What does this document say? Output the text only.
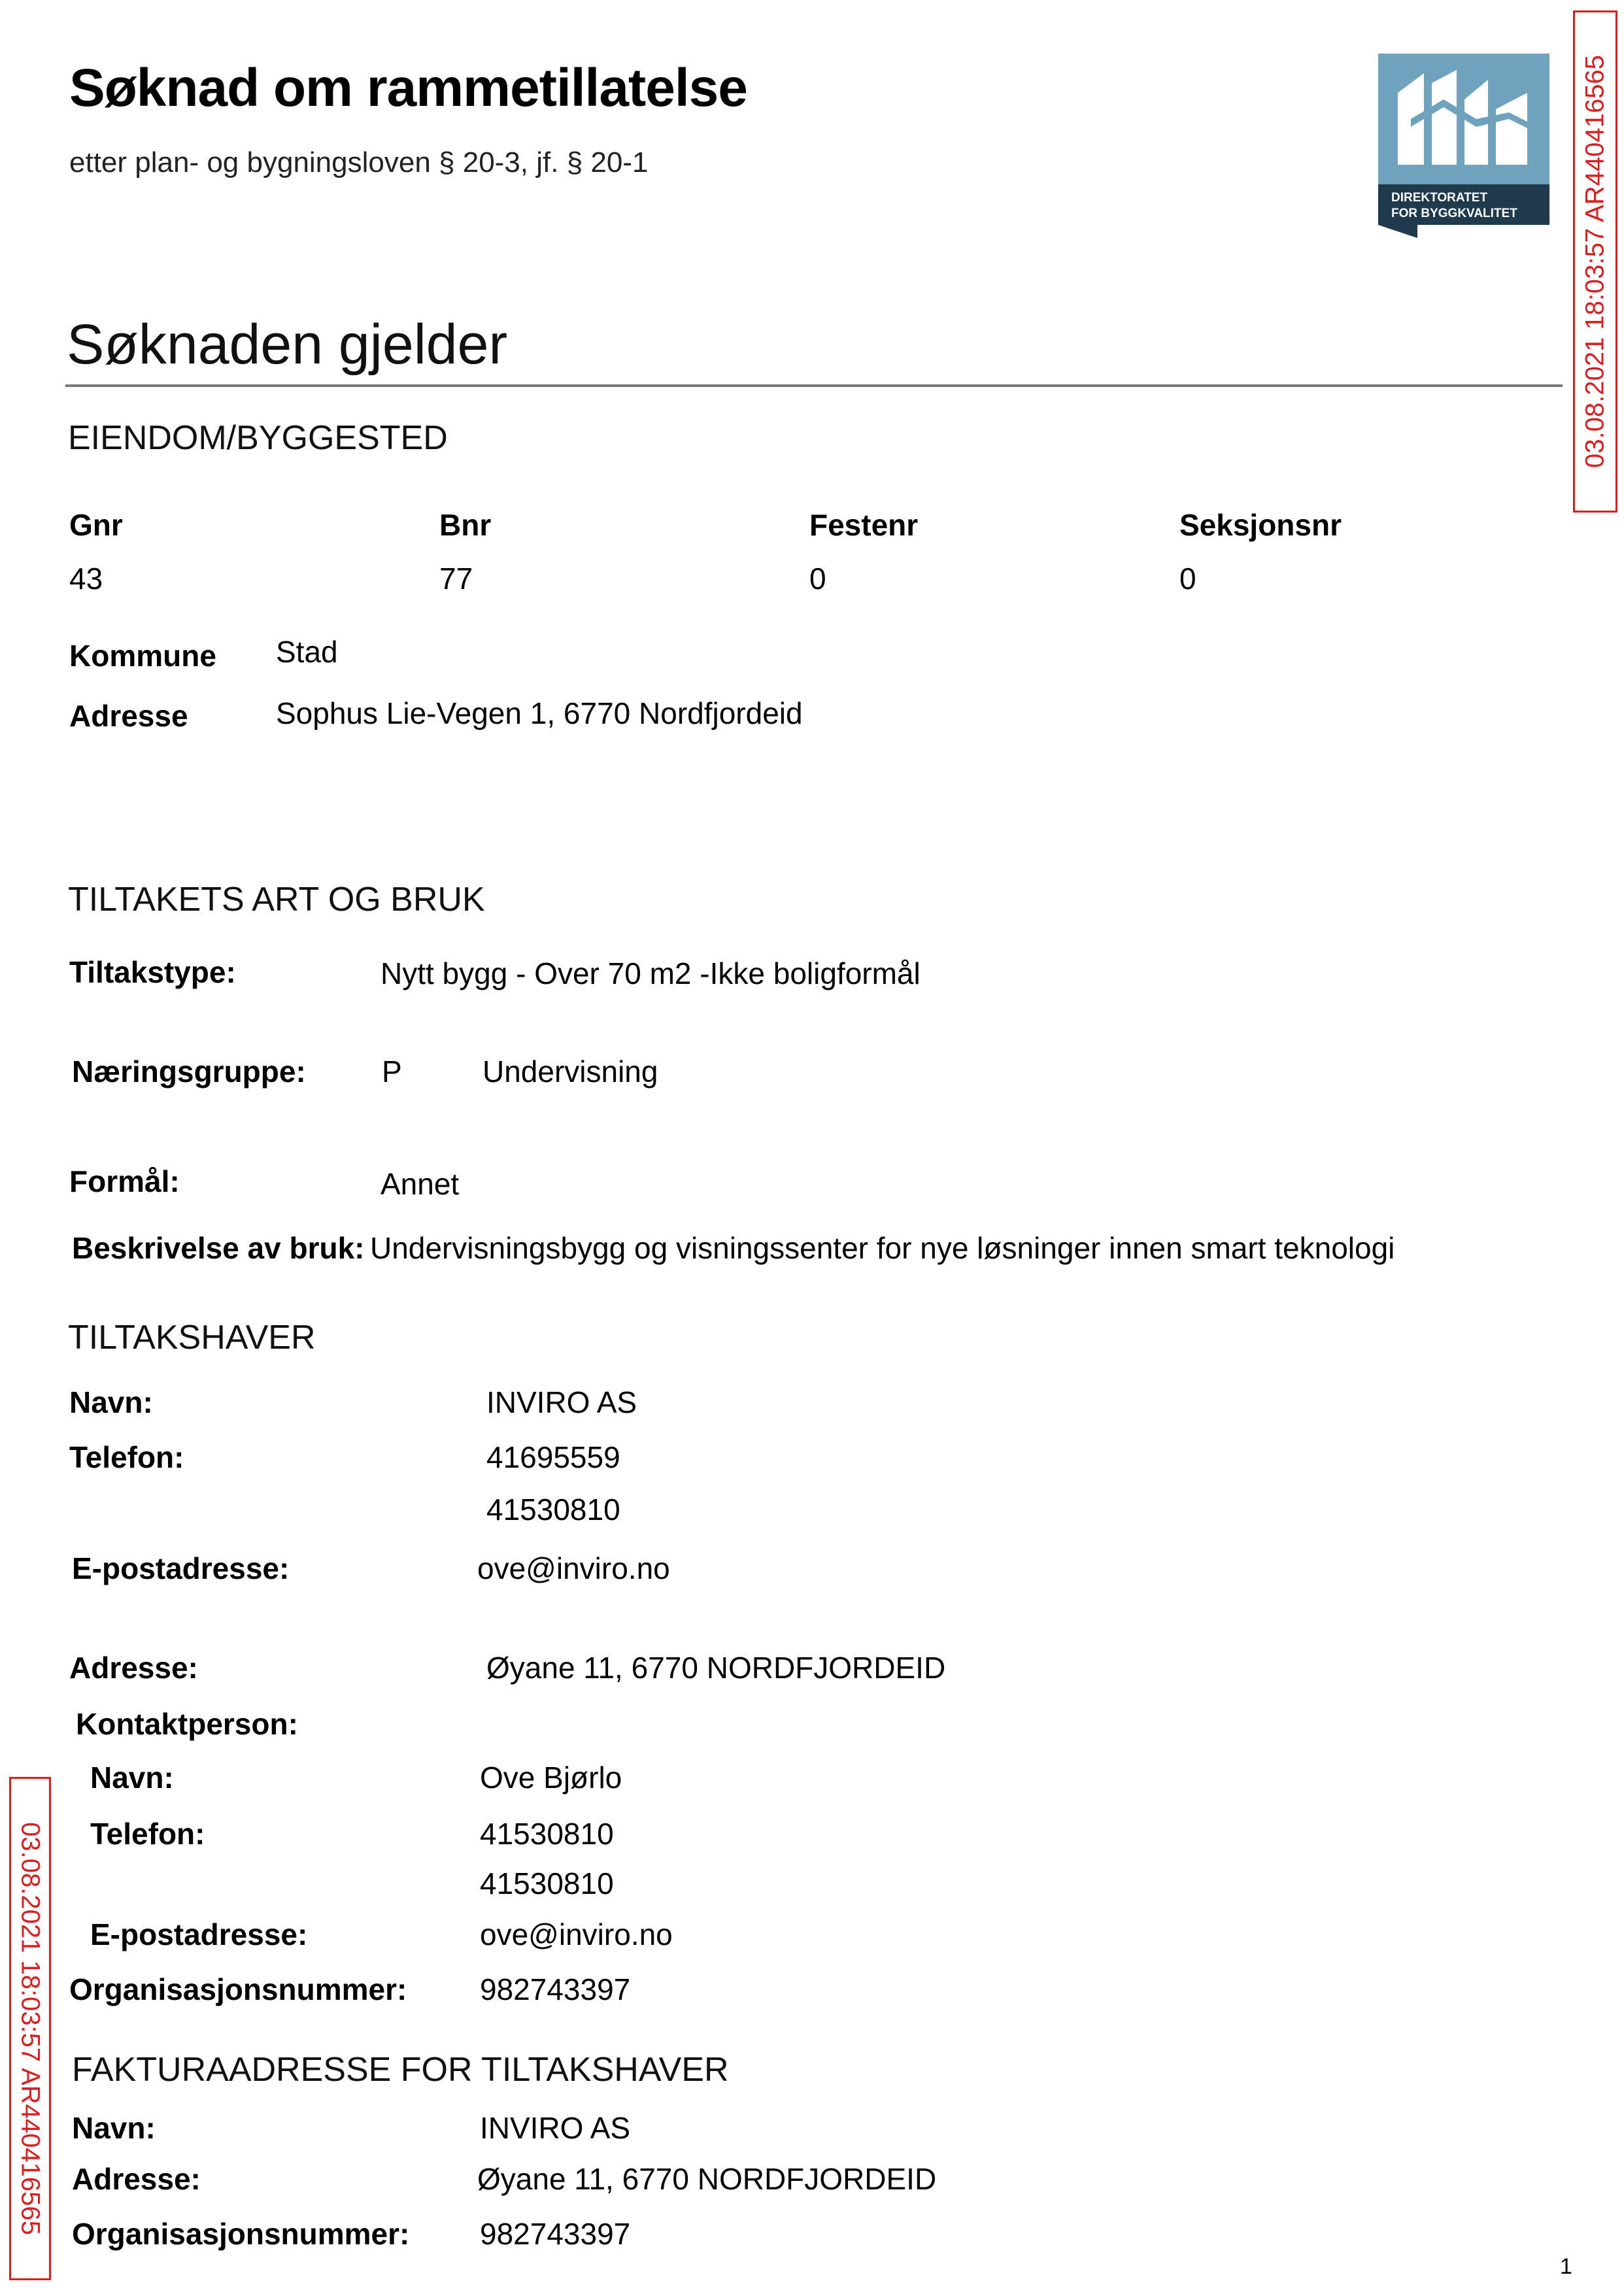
Søknad om rammetillatelse
etter plan- og bygningsloven § 20-3, jf. § 20-1
DIREKTORATET
FOR BYGGKVALITET 03.08.2021 18:03:57 AR440416565
03.08.2021 18:03:57 AR440416565
Søknaden gjelder
EIENDOM/BYGGESTED
Gnr	Bnr	Festenr	Seksjonsnr
43	77	0	0
Kommune Stad
Adresse	Sophus Lie-Vegen 1, 6770 Nordfjordeid
TILTAKETS ART OG BRUK
Tiltakstype:	Nytt bygg - Over 70 m2 -Ikke boligformål
Næringsgruppe:	P	Undervisning
Formål:	Annet
Beskrivelse av bruk: Undervisningsbygg og visningssenter for nye løsninger innen smart teknologi
TILTAKSHAVER
Navn:	INVIRO AS
Telefon:	41695559
41530810
E-postadresse:	ove@inviro.no
Adresse:	Øyane 11, 6770 NORDFJORDEID
Kontaktperson:
Navn:	Ove Bjørlo
Telefon:	41530810
41530810
E-postadresse:	ove@inviro.no
Organisasjonsnummer: 982743397
FAKTURAADRESSE FOR TILTAKSHAVER
Navn:	INVIRO AS
Adresse:	Øyane 11, 6770 NORDFJORDEID
Organisasjonsnummer: 982743397
1
